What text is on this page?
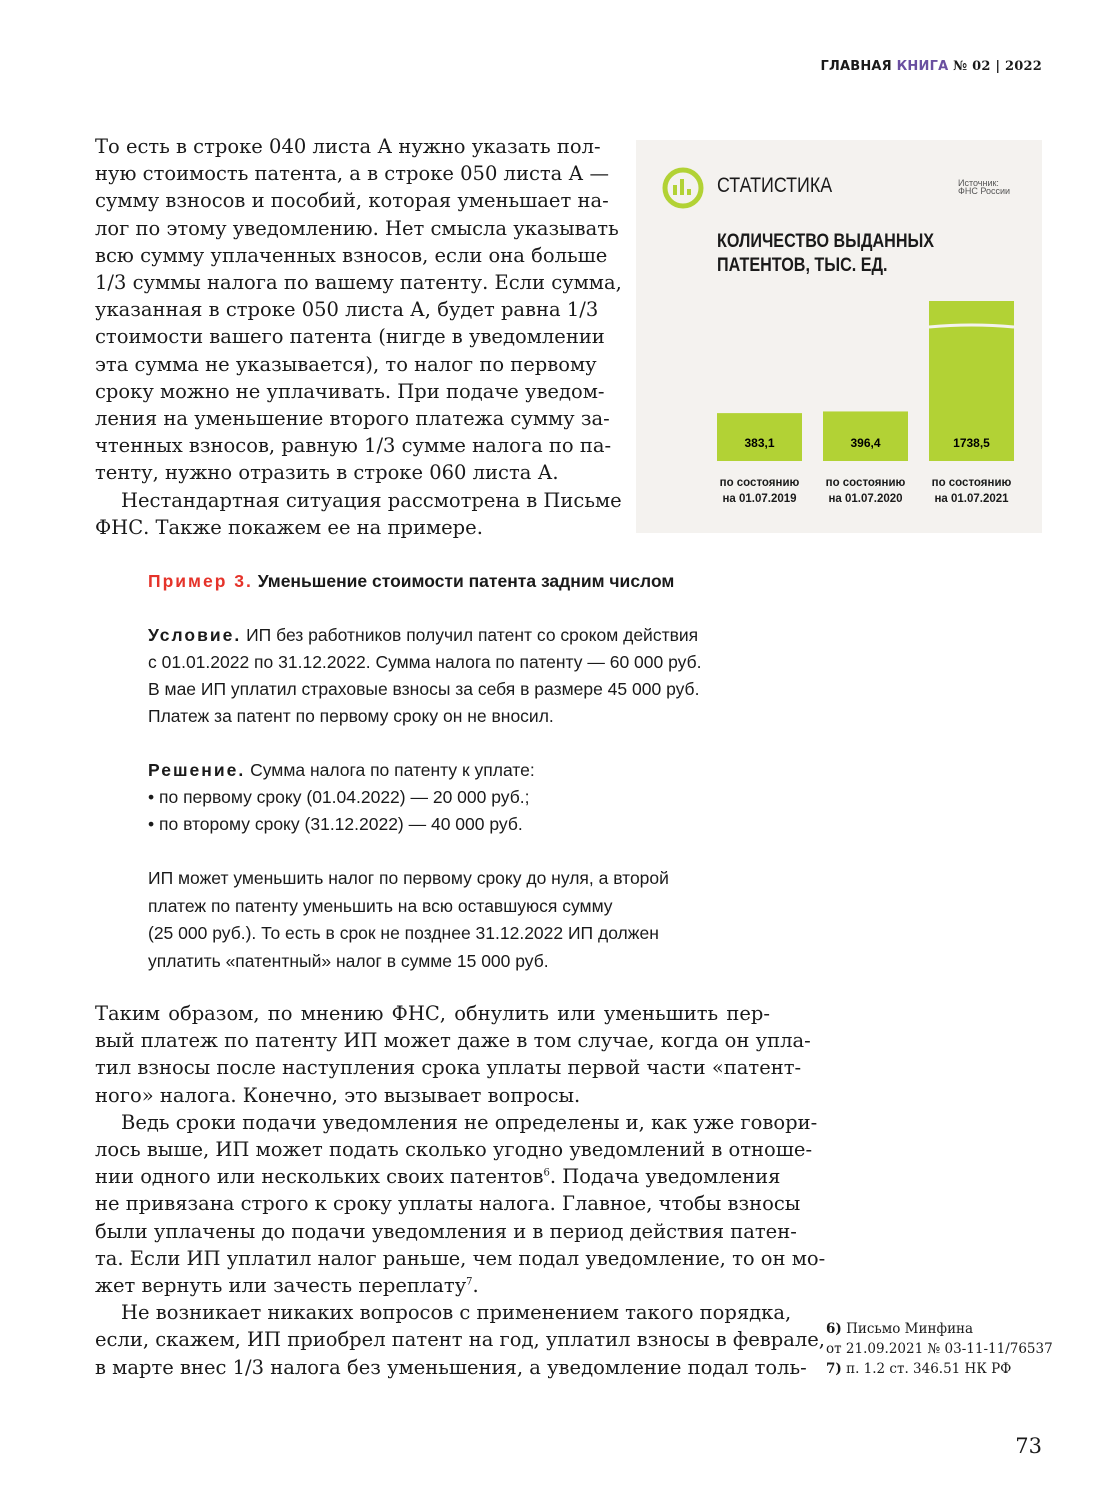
ГЛАВНАЯ КНИГА № 02 | 2022
То есть в строке 040 листа А нужно указать пол-
ную стоимость патента, а в строке 050 листа А —
сумму взносов и пособий, которая уменьшает на-
лог по этому уведомлению. Нет смысла указывать
всю сумму уплаченных взносов, если она больше
1/3 суммы налога по вашему патенту. Если сумма,
указанная в строке 050 листа А, будет равна 1/3
стоимости вашего патента (нигде в уведомлении
эта сумма не указывается), то налог по первому
сроку можно не уплачивать. При подаче уведом-
ления на уменьшение второго платежа сумму за-
чтенных взносов, равную 1/3 сумме налога по па-
тенту, нужно отразить в строке 060 листа А.
Нестандартная ситуация рассмотрена в Письме
ФНС. Также покажем ее на примере.
383,1	396,4	1738,5
СТАТИСТИКА	Источник:
ФНС России
КОЛИЧЕСТВО ВЫДАННЫХ
ПАТЕНТОВ, ТЫС. ЕД.
по состоянию
на 01.07.2019
по состоянию
на 01.07.2020
по состоянию
на 01.07.2021
Пример 3. Уменьшение стоимости патента задним числом
Условие. ИП без работников получил патент со сроком действия
с 01.01.2022 по 31.12.2022. Сумма налога по патенту — 60 000 руб.
В мае ИП уплатил страховые взносы за себя в размере 45 000 руб.
Платеж за патент по первому сроку он не вносил.
Решение. Сумма налога по патенту к уплате:
• по первому сроку (01.04.2022) — 20 000 руб.;
• по второму сроку (31.12.2022) — 40 000 руб.
ИП может уменьшить налог по первому сроку до нуля, а второй
платеж по патенту уменьшить на всю оставшуюся сумму
(25 000 руб.). То есть в срок не позднее 31.12.2022 ИП должен
уплатить «патентный» налог в сумме 15 000 руб.
Таким образом, по мнению ФНС, обнулить или уменьшить пер-
вый платеж по патенту ИП может даже в том случае, когда он упла-
тил взносы после наступления срока уплаты первой части «патент-
ного» налога. Конечно, это вызывает вопросы.
Ведь сроки подачи уведомления не определены и, как уже говори-
лось выше, ИП может подать сколько угодно уведомлений в отноше-
нии одного или нескольких своих патентов$^6$. Подача уведомления
не привязана строго к сроку уплаты налога. Главное, чтобы взносы
были уплачены до подачи уведомления и в период действия патен-
та. Если ИП уплатил налог раньше, чем подал уведомление, то он мо-
жет вернуть или зачесть переплату$^7$.
Не возникает никаких вопросов с применением такого порядка,
если, скажем, ИП приобрел патент на год, уплатил взносы в феврале,
в марте внес 1/3 налога без уменьшения, а уведомление подал толь-
6) Письмо Минфина
от 21.09.2021 № 03-11-11/76537
7) п. 1.2 ст. 346.51 НК РФ
73
